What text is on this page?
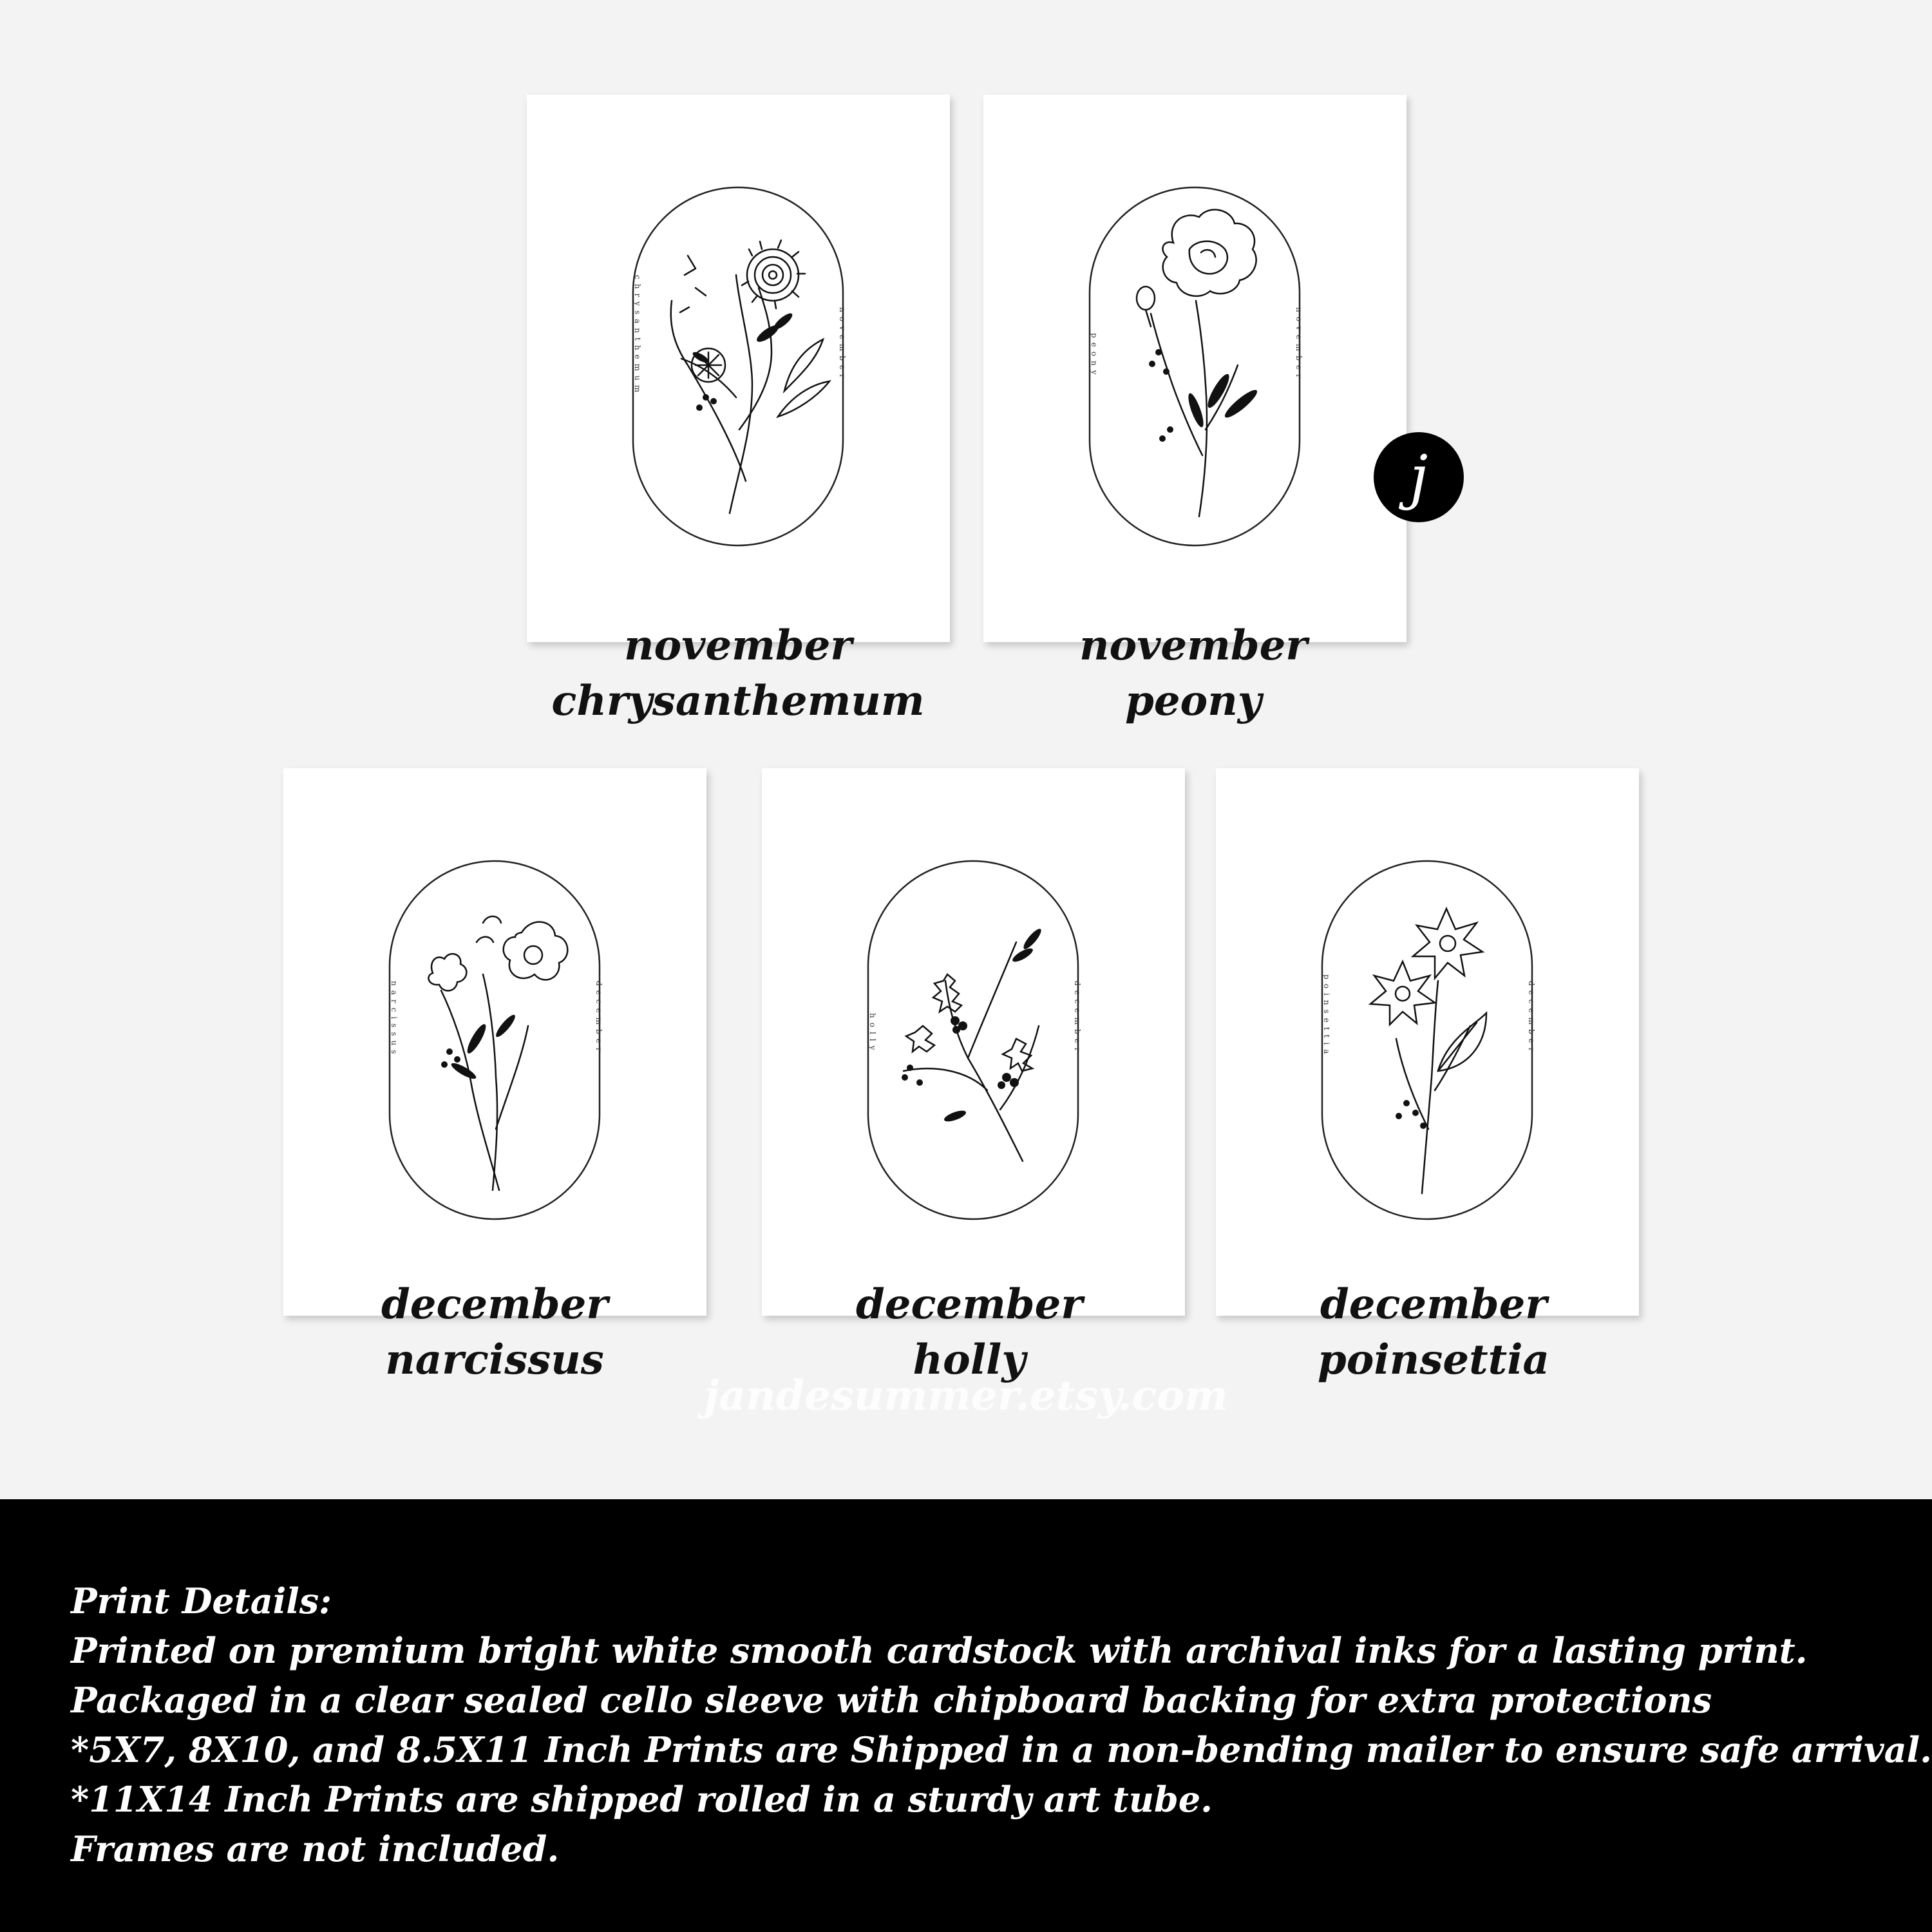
chrysanthemum	november
november
chrysanthemum
peony	november
november
peony
j
narcissus	december
december
narcissus
holly	december
december
holly
poinsettia	december
december
poinsettia
jandesummer.etsy.com
Print Details:
Printed on premium bright white smooth cardstock with archival inks for a lasting print.
Packaged in a clear sealed cello sleeve with chipboard backing for extra protections
*5X7, 8X10, and 8.5X11 Inch Prints are Shipped in a non-bending mailer to ensure safe arrival.
*11X14 Inch Prints are shipped rolled in a sturdy art tube.
Frames are not included.
